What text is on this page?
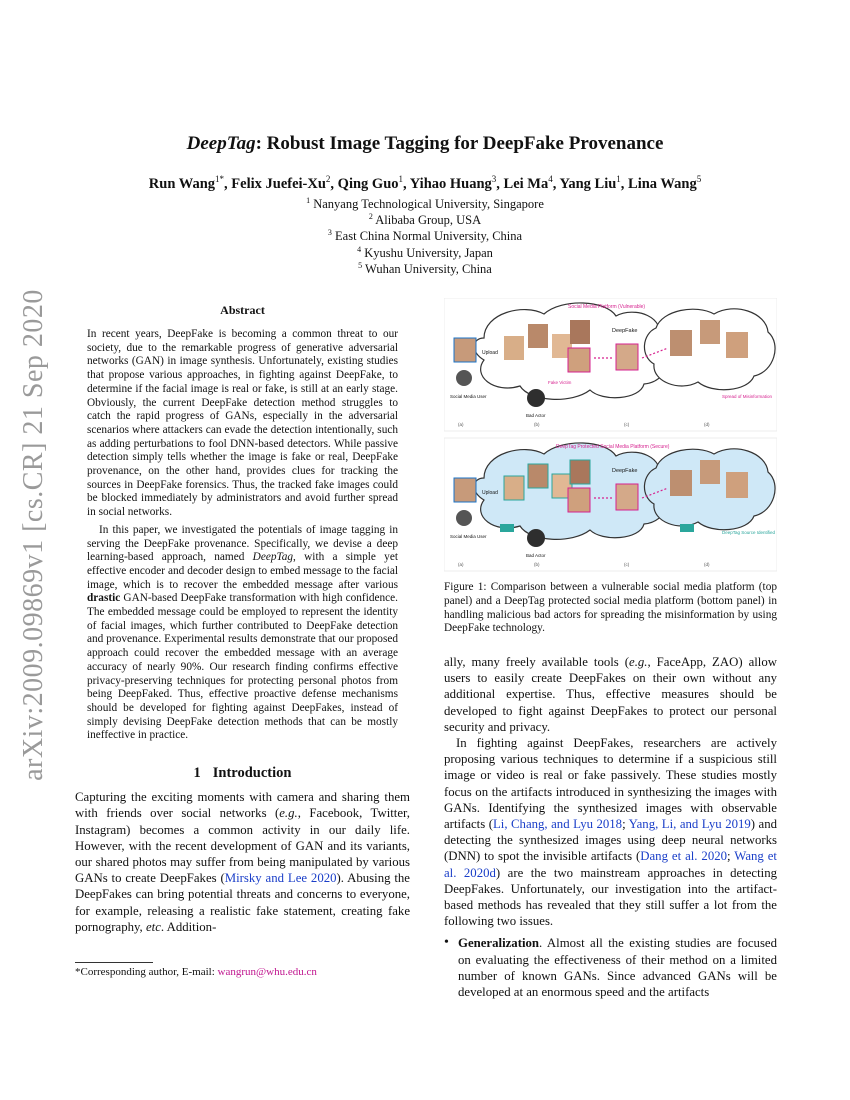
arXiv:2009.09869v1 [cs.CR] 21 Sep 2020
DeepTag: Robust Image Tagging for DeepFake Provenance
Run Wang$^{1*}$, Felix Juefei-Xu$^2$, Qing Guo$^1$, Yihao Huang$^3$, Lei Ma$^4$, Yang Liu$^1$, Lina Wang$^5$
$^1$ Nanyang Technological University, Singapore
$^2$ Alibaba Group, USA
$^3$ East China Normal University, China
$^4$ Kyushu University, Japan
$^5$ Wuhan University, China
Abstract

In recent years, DeepFake is becoming a common threat to our society, due to the remarkable progress of generative adversarial networks (GAN) in image synthesis. Unfortunately, existing studies that propose various approaches, in fighting against DeepFake, to determine if the facial image is real or fake, is still at an early stage. Obviously, the current DeepFake detection method struggles to catch the rapid progress of GANs, especially in the adversarial scenarios where attackers can evade the detection intentionally, such as adding perturbations to fool DNN-based detectors. While passive detection simply tells whether the image is fake or real, DeepFake provenance, on the other hand, provides clues for tracking the sources in DeepFake forensics. Thus, the tracked fake images could be blocked immediately by administrators and avoid further spread in social networks.

In this paper, we investigated the potentials of image tagging in serving the DeepFake provenance. Specifically, we devise a deep learning-based approach, named DeepTag, with a simple yet effective encoder and decoder design to embed message to the facial image, which is to recover the embedded message after various drastic GAN-based DeepFake transformation with high confidence. The embedded message could be employed to represent the identity of facial images, which further contributed to DeepFake detection and provenance. Experimental results demonstrate that our proposed approach could recover the embedded message with an average accuracy of nearly 90%. Our research finding confirms effective privacy-preserving techniques for protecting personal photos from being DeepFaked. Thus, effective proactive defense mechanisms should be developed for fighting against DeepFakes, instead of simply devising DeepFake detection methods that can be mostly ineffective in practice.

1 Introduction

Capturing the exciting moments with camera and sharing them with friends over social networks (e.g., Facebook, Twitter, Instagram) becomes a common activity in our daily life. However, with the recent development of GAN and its variants, our shared photos may suffer from being manipulated by various GANs to create DeepFakes (Mirsky and Lee 2020). Abusing the DeepFakes can bring potential threats and concerns to everyone, for example, releasing a realistic fake statement, creating fake pornography, etc. Addition-

*Corresponding author, E-mail: wangrun@whu.edu.cn
Social Media Platform (Vulnerable)
DeepFake
Upload
Social Media User
Bad Actor
Fake Victim
Spread of Misinformation
(a)	(b)	(c)	(d)
DeepTag Protected Social Media Platform (Secure)
DeepFake
Upload
Social Media User
Bad Actor
DeepTag Source Identified
(a)	(b)	(c)	(d)
Figure 1: Comparison between a vulnerable social media platform (top panel) and a DeepTag protected social media platform (bottom panel) in handling malicious bad actors for spreading the misinformation by using DeepFake technology.

ally, many freely available tools (e.g., FaceApp, ZAO) allow users to easily create DeepFakes on their own without any additional expertise. Thus, effective measures should be developed to fight against DeepFakes to protect our personal security and privacy.

In fighting against DeepFakes, researchers are actively proposing various techniques to determine if a suspicious still image or video is real or fake passively. These studies mostly focus on the artifacts introduced in synthesizing the images with GANs. Identifying the synthesized images with observable artifacts (Li, Chang, and Lyu 2018; Yang, Li, and Lyu 2019) and detecting the synthesized images using deep neural networks (DNN) to spot the invisible artifacts (Dang et al. 2020; Wang et al. 2020d) are the two mainstream approaches in detecting DeepFakes. Unfortunately, our investigation into the artifact-based methods has revealed that they still suffer a lot from the following two issues.

• Generalization. Almost all the existing studies are focused on evaluating the effectiveness of their method on a limited number of known GANs. Since advanced GANs will be developed at an enormous speed and the artifacts
